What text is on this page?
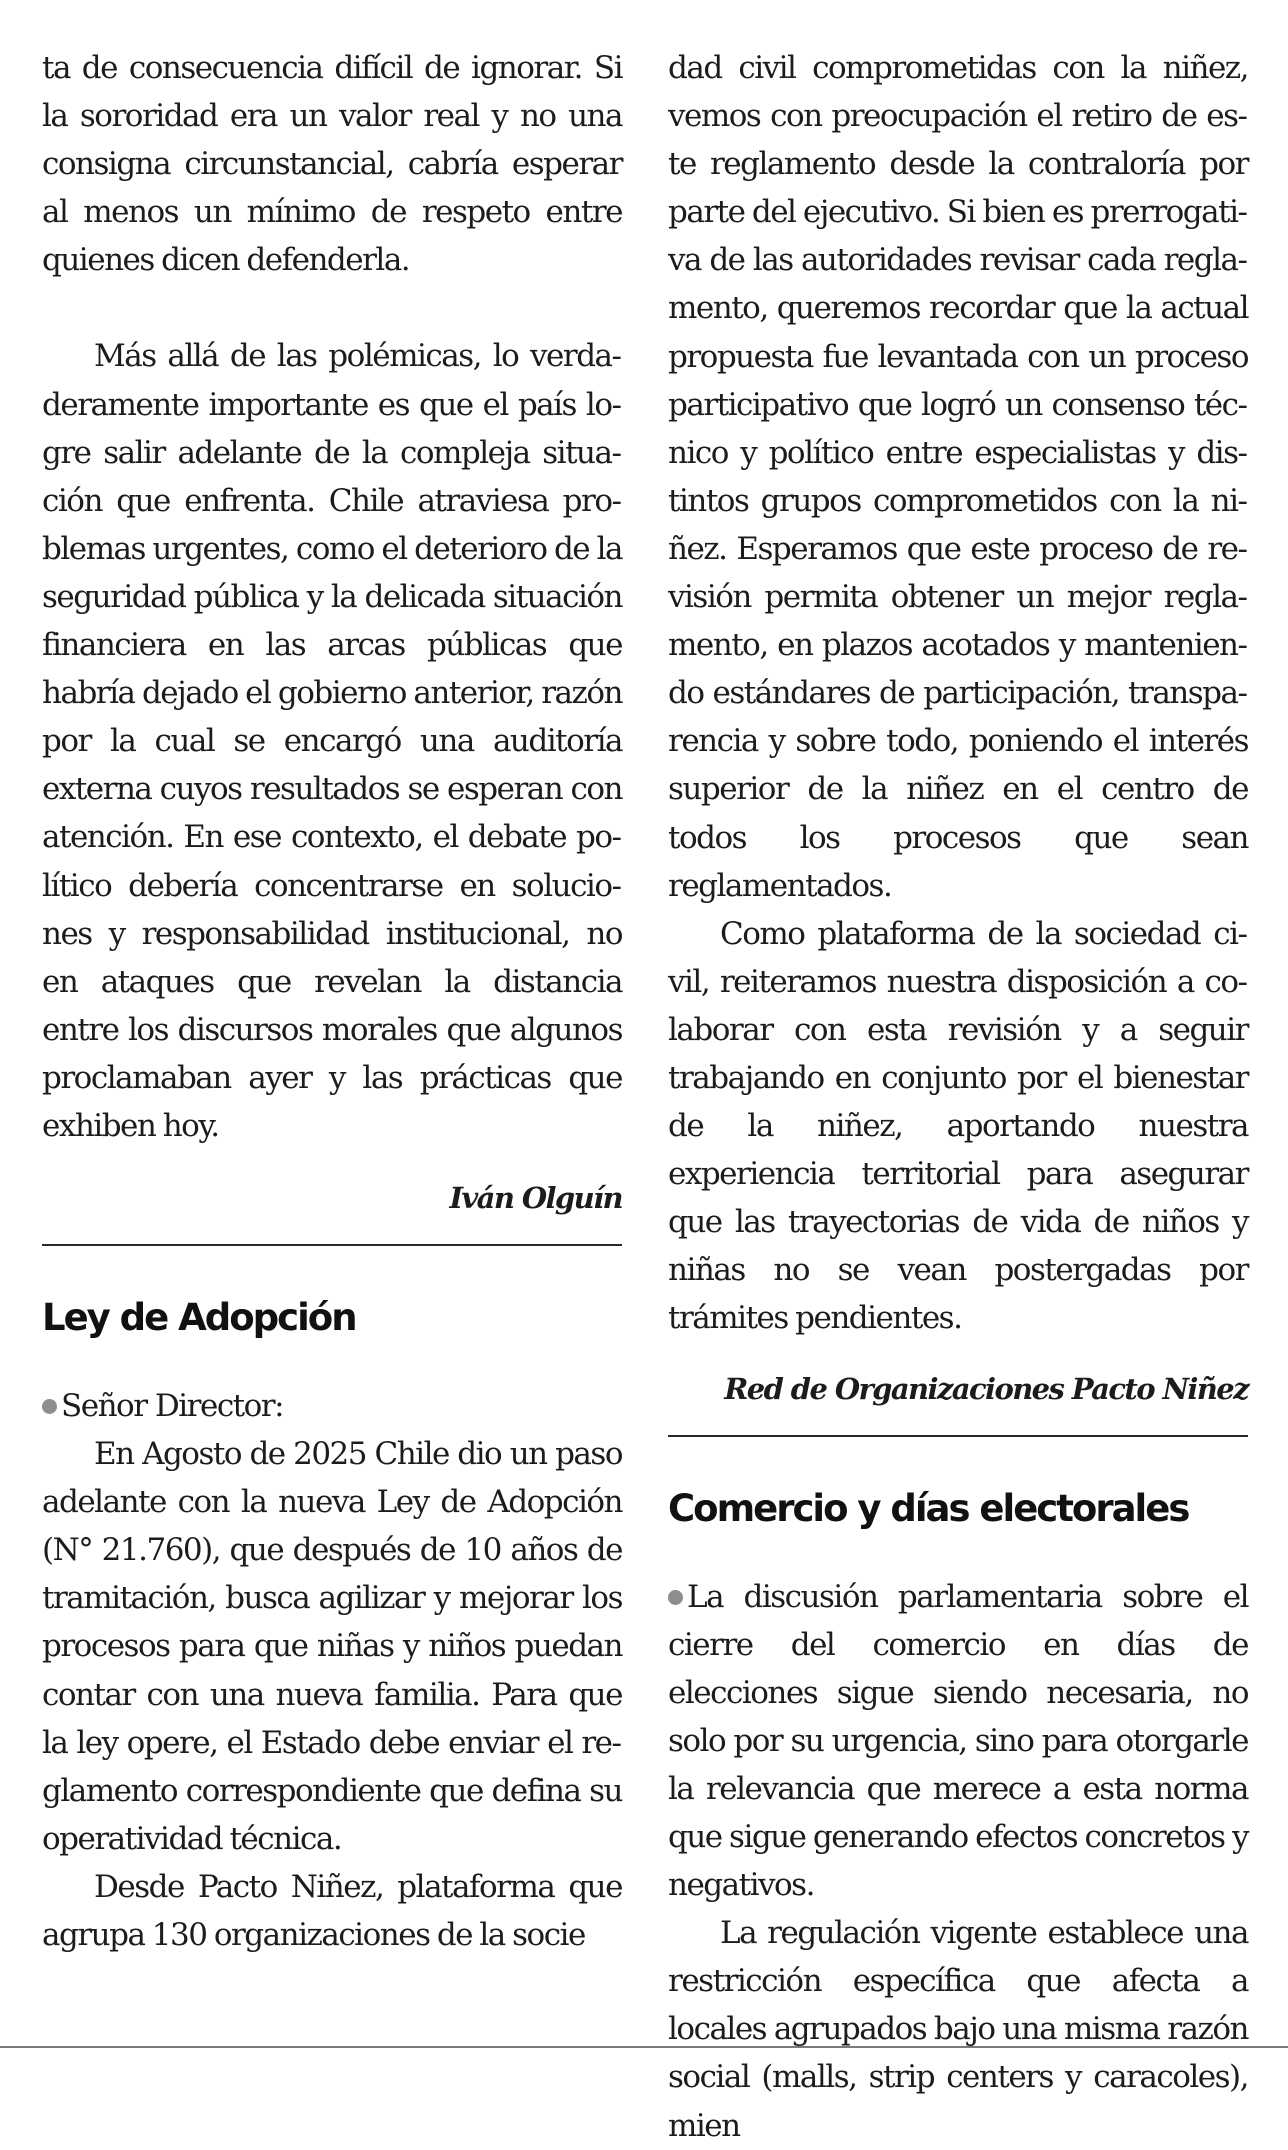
ta de consecuencia difícil de ignorar. Si la sororidad era un valor real y no una consigna circunstancial, cabría esperar al menos un mínimo de respeto entre quienes dicen defenderla.

Más allá de las polémicas, lo verdaderamente importante es que el país logre salir adelante de la compleja situación que enfrenta. Chile atraviesa problemas urgentes, como el deterioro de la seguridad pública y la delicada situación financiera en las arcas públicas que habría dejado el gobierno anterior, razón por la cual se encargó una auditoría externa cuyos resultados se esperan con atención. En ese contexto, el debate político debería concentrarse en soluciones y responsabilidad institucional, no en ataques que revelan la distancia entre los discursos morales que algunos proclamaban ayer y las prácticas que exhiben hoy.

Iván Olguín

Ley de Adopción

Señor Director:

En Agosto de 2025 Chile dio un paso adelante con la nueva Ley de Adopción (N° 21.760), que después de 10 años de tramitación, busca agilizar y mejorar los procesos para que niñas y niños puedan contar con una nueva familia. Para que la ley opere, el Estado debe enviar el reglamento correspondiente que defina su operatividad técnica.

Desde Pacto Niñez, plataforma que agrupa 130 organizaciones de la socie

dad civil comprometidas con la niñez, vemos con preocupación el retiro de este reglamento desde la contraloría por parte del ejecutivo. Si bien es prerrogativa de las autoridades revisar cada reglamento, queremos recordar que la actual propuesta fue levantada con un proceso participativo que logró un consenso técnico y político entre especialistas y distintos grupos comprometidos con la niñez. Esperamos que este proceso de revisión permita obtener un mejor reglamento, en plazos acotados y manteniendo estándares de participación, transparencia y sobre todo, poniendo el interés superior de la niñez en el centro de todos los procesos que sean reglamentados.

Como plataforma de la sociedad civil, reiteramos nuestra disposición a colaborar con esta revisión y a seguir trabajando en conjunto por el bienestar de la niñez, aportando nuestra experiencia territorial para asegurar que las trayectorias de vida de niños y niñas no se vean postergadas por trámites pendientes.

Red de Organizaciones Pacto Niñez

Comercio y días electorales

La discusión parlamentaria sobre el cierre del comercio en días de elecciones sigue siendo necesaria, no solo por su urgencia, sino para otorgarle la relevancia que merece a esta norma que sigue generando efectos concretos y negativos.

La regulación vigente establece una restricción específica que afecta a locales agrupados bajo una misma razón social (malls, strip centers y caracoles), mien
